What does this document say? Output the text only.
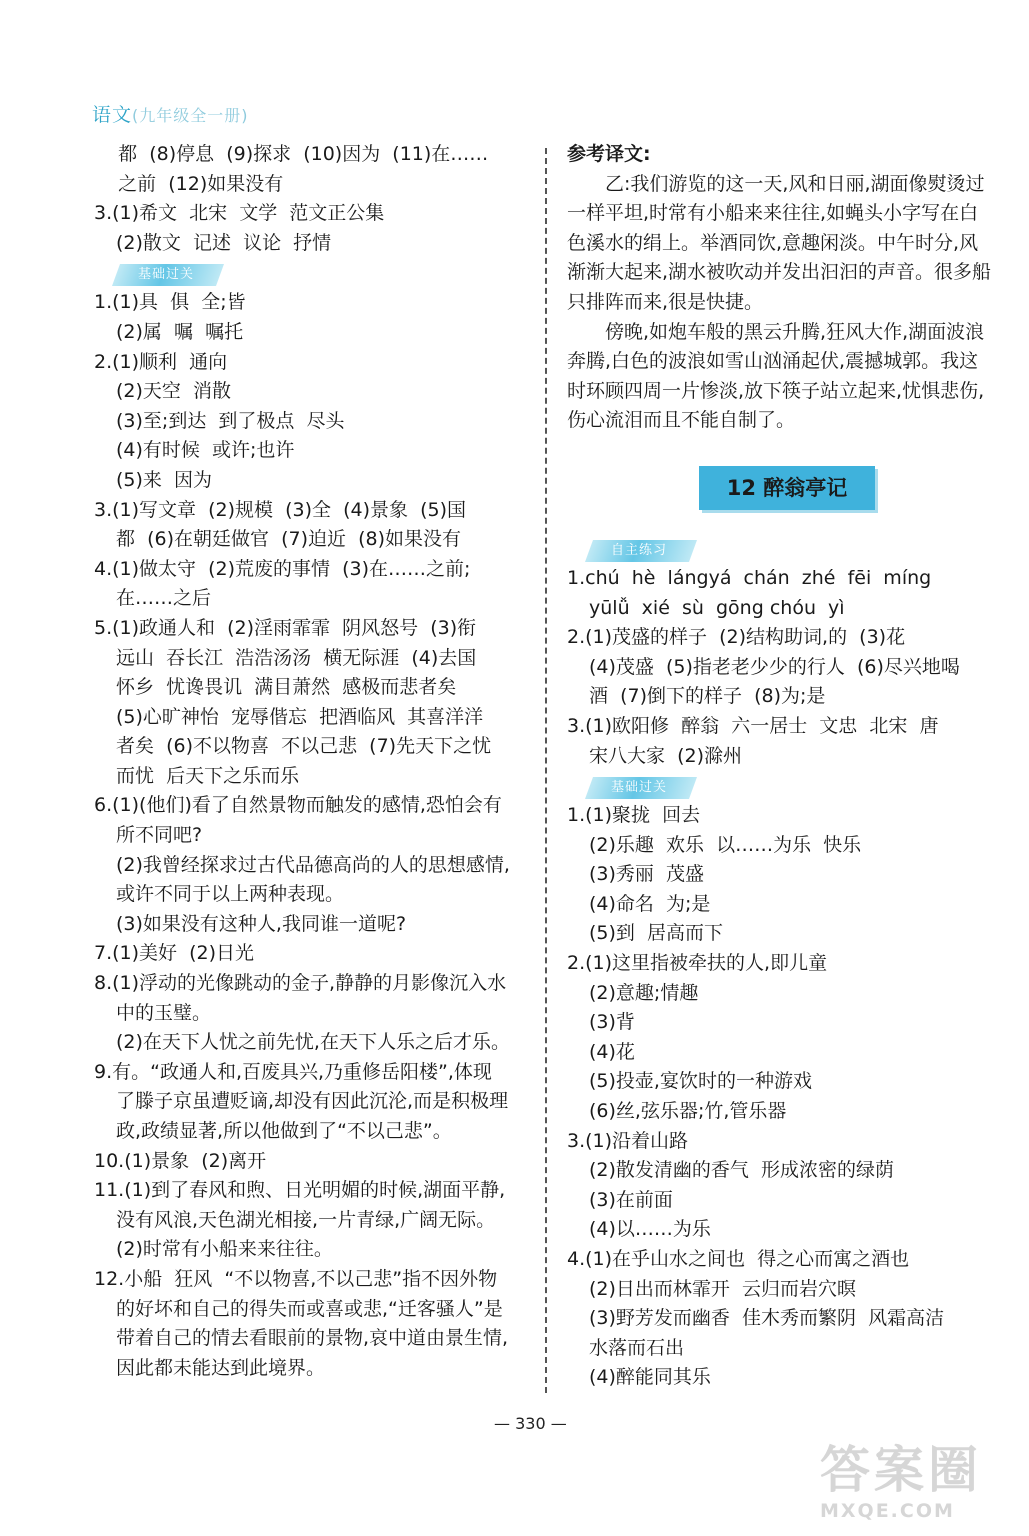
语文(九年级全一册)
都  (8)停息  (9)探求  (10)因为  (11)在……
之前  (12)如果没有
3.(1)希文  北宋  文学  范文正公集
(2)散文  记述  议论  抒情
基础过关
1.(1)具  俱  全;皆
(2)属  嘱  嘱托
2.(1)顺利  通向
(2)天空  消散
(3)至;到达  到了极点  尽头
(4)有时候  或许;也许
(5)来  因为
3.(1)写文章  (2)规模  (3)全  (4)景象  (5)国
都  (6)在朝廷做官  (7)迫近  (8)如果没有
4.(1)做太守  (2)荒废的事情  (3)在……之前;
在……之后
5.(1)政通人和  (2)淫雨霏霏  阴风怒号  (3)衔
远山  吞长江  浩浩汤汤  横无际涯  (4)去国
怀乡  忧谗畏讥  满目萧然  感极而悲者矣
(5)心旷神怡  宠辱偕忘  把酒临风  其喜洋洋
者矣  (6)不以物喜  不以己悲  (7)先天下之忧
而忧  后天下之乐而乐
6.(1)(他们)看了自然景物而触发的感情,恐怕会有
所不同吧?
(2)我曾经探求过古代品德高尚的人的思想感情,
或许不同于以上两种表现。
(3)如果没有这种人,我同谁一道呢?
7.(1)美好  (2)日光
8.(1)浮动的光像跳动的金子,静静的月影像沉入水
中的玉璧。
(2)在天下人忧之前先忧,在天下人乐之后才乐。
9.有。“政通人和,百废具兴,乃重修岳阳楼”,体现
了滕子京虽遭贬谪,却没有因此沉沦,而是积极理
政,政绩显著,所以他做到了“不以己悲”。
10.(1)景象  (2)离开
11.(1)到了春风和煦、日光明媚的时候,湖面平静,
没有风浪,天色湖光相接,一片青绿,广阔无际。
(2)时常有小船来来往往。
12.小船  狂风  “不以物喜,不以己悲”指不因外物
的好坏和自己的得失而或喜或悲,“迁客骚人”是
带着自己的情去看眼前的景物,哀中道由景生情,
因此都未能达到此境界。
参考译文:
乙:我们游览的这一天,风和日丽,湖面像熨烫过
一样平坦,时常有小船来来往往,如蝇头小字写在白
色溪水的绢上。举酒同饮,意趣闲淡。中午时分,风
渐渐大起来,湖水被吹动并发出汩汩的声音。很多船
只排阵而来,很是快捷。
傍晚,如炮车般的黑云升腾,狂风大作,湖面波浪
奔腾,白色的波浪如雪山汹涌起伏,震撼城郭。我这
时环顾四周一片惨淡,放下筷子站立起来,忧惧悲伤,
伤心流泪而且不能自制了。
12 醉翁亭记
自主练习
1.chú  hè  lángyá  chán  zhé  fēi  míng
yūlǚ  xié  sù  gōng chóu  yì
2.(1)茂盛的样子  (2)结构助词,的  (3)花
(4)茂盛  (5)指老老少少的行人  (6)尽兴地喝
酒  (7)倒下的样子  (8)为;是
3.(1)欧阳修  醉翁  六一居士  文忠  北宋  唐
宋八大家  (2)滁州
基础过关
1.(1)聚拢  回去
(2)乐趣  欢乐  以……为乐  快乐
(3)秀丽  茂盛
(4)命名  为;是
(5)到  居高而下
2.(1)这里指被牵扶的人,即儿童
(2)意趣;情趣
(3)背
(4)花
(5)投壶,宴饮时的一种游戏
(6)丝,弦乐器;竹,管乐器
3.(1)沿着山路
(2)散发清幽的香气  形成浓密的绿荫
(3)在前面
(4)以……为乐
4.(1)在乎山水之间也  得之心而寓之酒也
(2)日出而林霏开  云归而岩穴暝
(3)野芳发而幽香  佳木秀而繁阴  风霜高洁
水落而石出
(4)醉能同其乐
— 330 —
答案圈
MXQE.COM
